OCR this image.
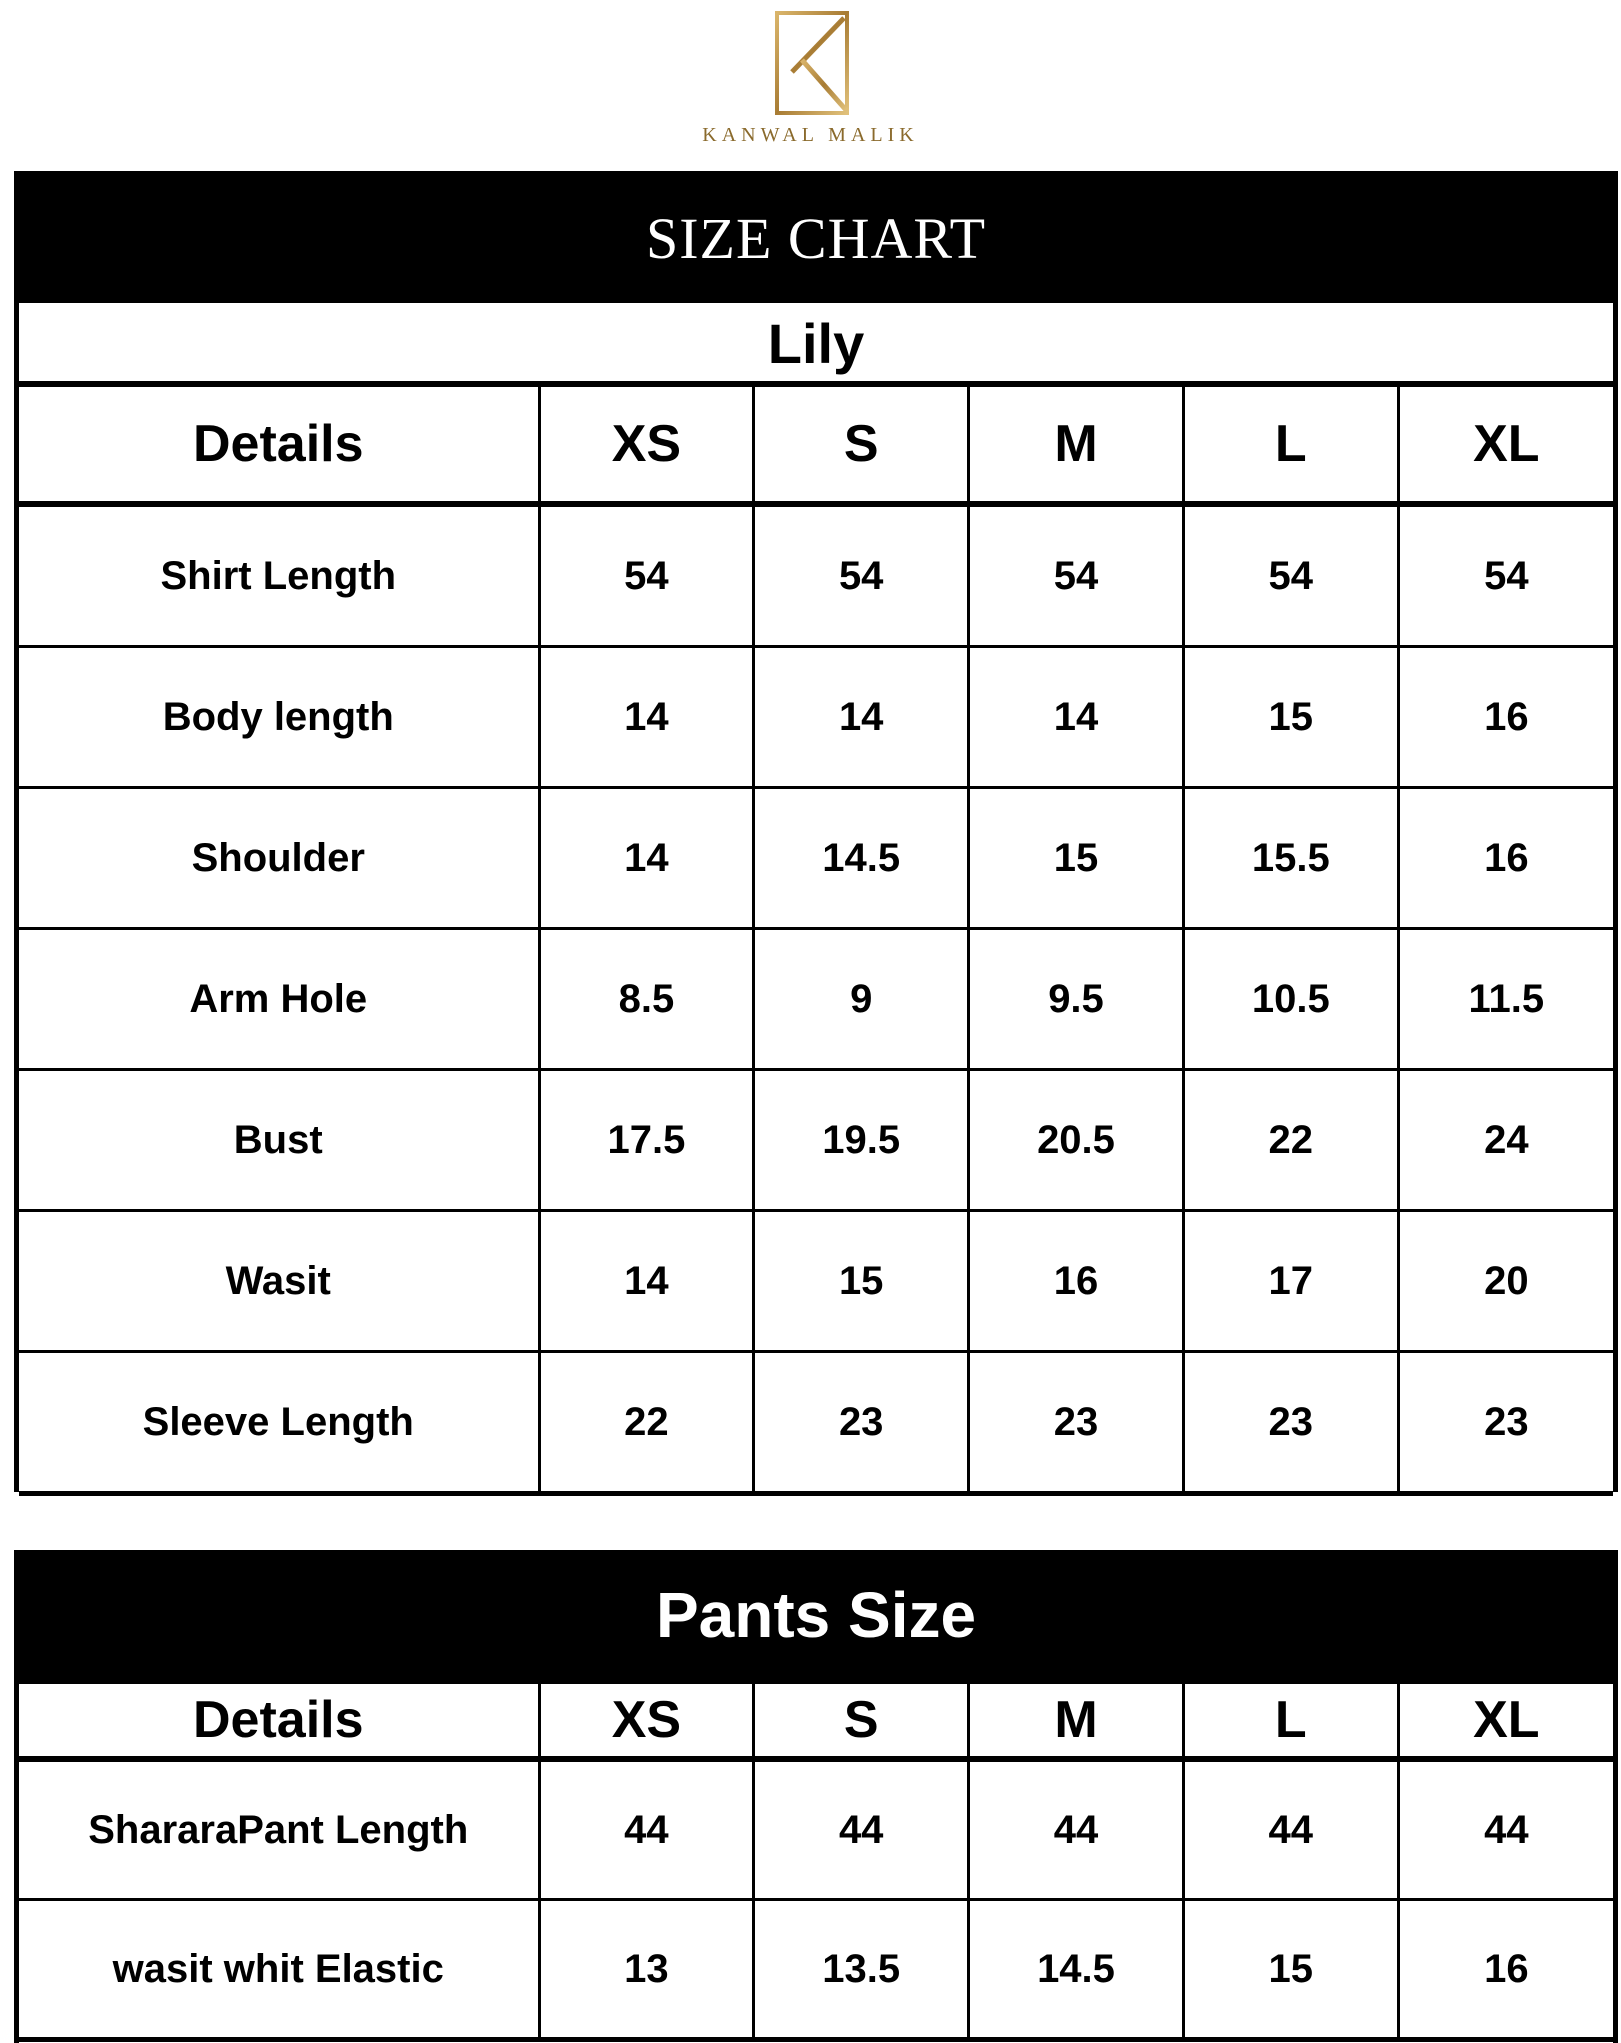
KANWAL MALIK
SIZE CHART
Lily
Details	XS	S	M	L	XL
Shirt Length	54	54	54	54	54
Body length	14	14	14	15	16
Shoulder	14	14.5	15	15.5	16
Arm Hole	8.5	9	9.5	10.5	11.5
Bust	17.5	19.5	20.5	22	24
Wasit	14	15	16	17	20
Sleeve Length	22	23	23	23	23
Pants Size
Details	XS	S	M	L	XL
ShararaPant Length	44	44	44	44	44
wasit whit Elastic	13	13.5	14.5	15	16
